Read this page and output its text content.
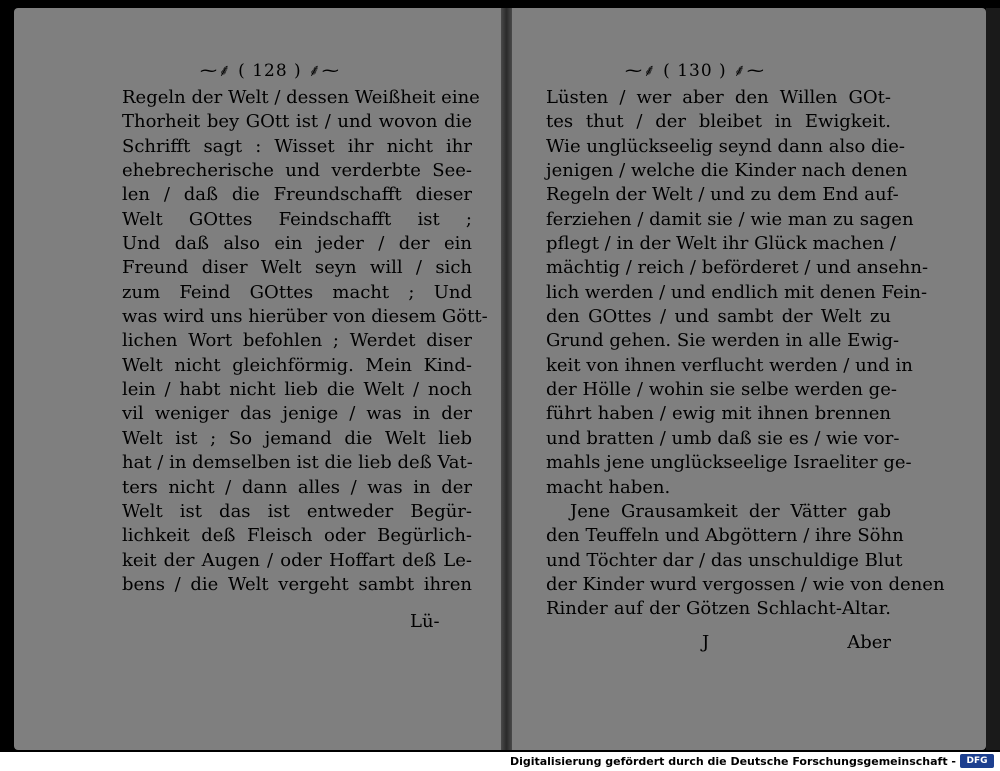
⁓⸙ ( 128 ) ⸙⁓	⁓⸙ ( 130 ) ⸙⁓
Regeln der Welt / dessen Weißheit eine
Thorheit bey GOtt ist / und wovon die
Schrifft sagt : Wisset ihr nicht ihr
ehebrecherische und verderbte See-
len / daß die Freundschafft dieser
Welt GOttes Feindschafft ist ;
Und daß also ein jeder / der ein
Freund diser Welt seyn will / sich
zum Feind GOttes macht ; Und
was wird uns hierüber von diesem Gött-
lichen Wort befohlen ; Werdet diser
Welt nicht gleichförmig. Mein Kind-
lein / habt nicht lieb die Welt / noch
vil weniger das jenige / was in der
Welt ist ; So jemand die Welt lieb
hat / in demselben ist die lieb deß Vat-
ters nicht / dann alles / was in der
Welt ist das ist entweder Begür-
lichkeit deß Fleisch oder Begürlich-
keit der Augen / oder Hoffart deß Le-
bens / die Welt vergeht sambt ihren
Lü-
Lüsten / wer aber den Willen GOt-
tes thut / der bleibet in Ewigkeit.
Wie unglückseelig seynd dann also die-
jenigen / welche die Kinder nach denen
Regeln der Welt / und zu dem End auf-
ferziehen / damit sie / wie man zu sagen
pflegt / in der Welt ihr Glück machen /
mächtig / reich / beförderet / und ansehn-
lich werden / und endlich mit denen Fein-
den GOttes / und sambt der Welt zu
Grund gehen. Sie werden in alle Ewig-
keit von ihnen verflucht werden / und in
der Hölle / wohin sie selbe werden ge-
führt haben / ewig mit ihnen brennen
und bratten / umb daß sie es / wie vor-
mahls jene unglückseelige Israeliter ge-
macht haben.
Jene Grausamkeit der Vätter gab
den Teuffeln und Abgöttern / ihre Söhn
und Töchter dar / das unschuldige Blut
der Kinder wurd vergossen / wie von denen
Rinder auf der Götzen Schlacht-Altar.
J	Aber
Digitalisierung gefördert durch die Deutsche Forschungsgemeinschaft -	DFG
